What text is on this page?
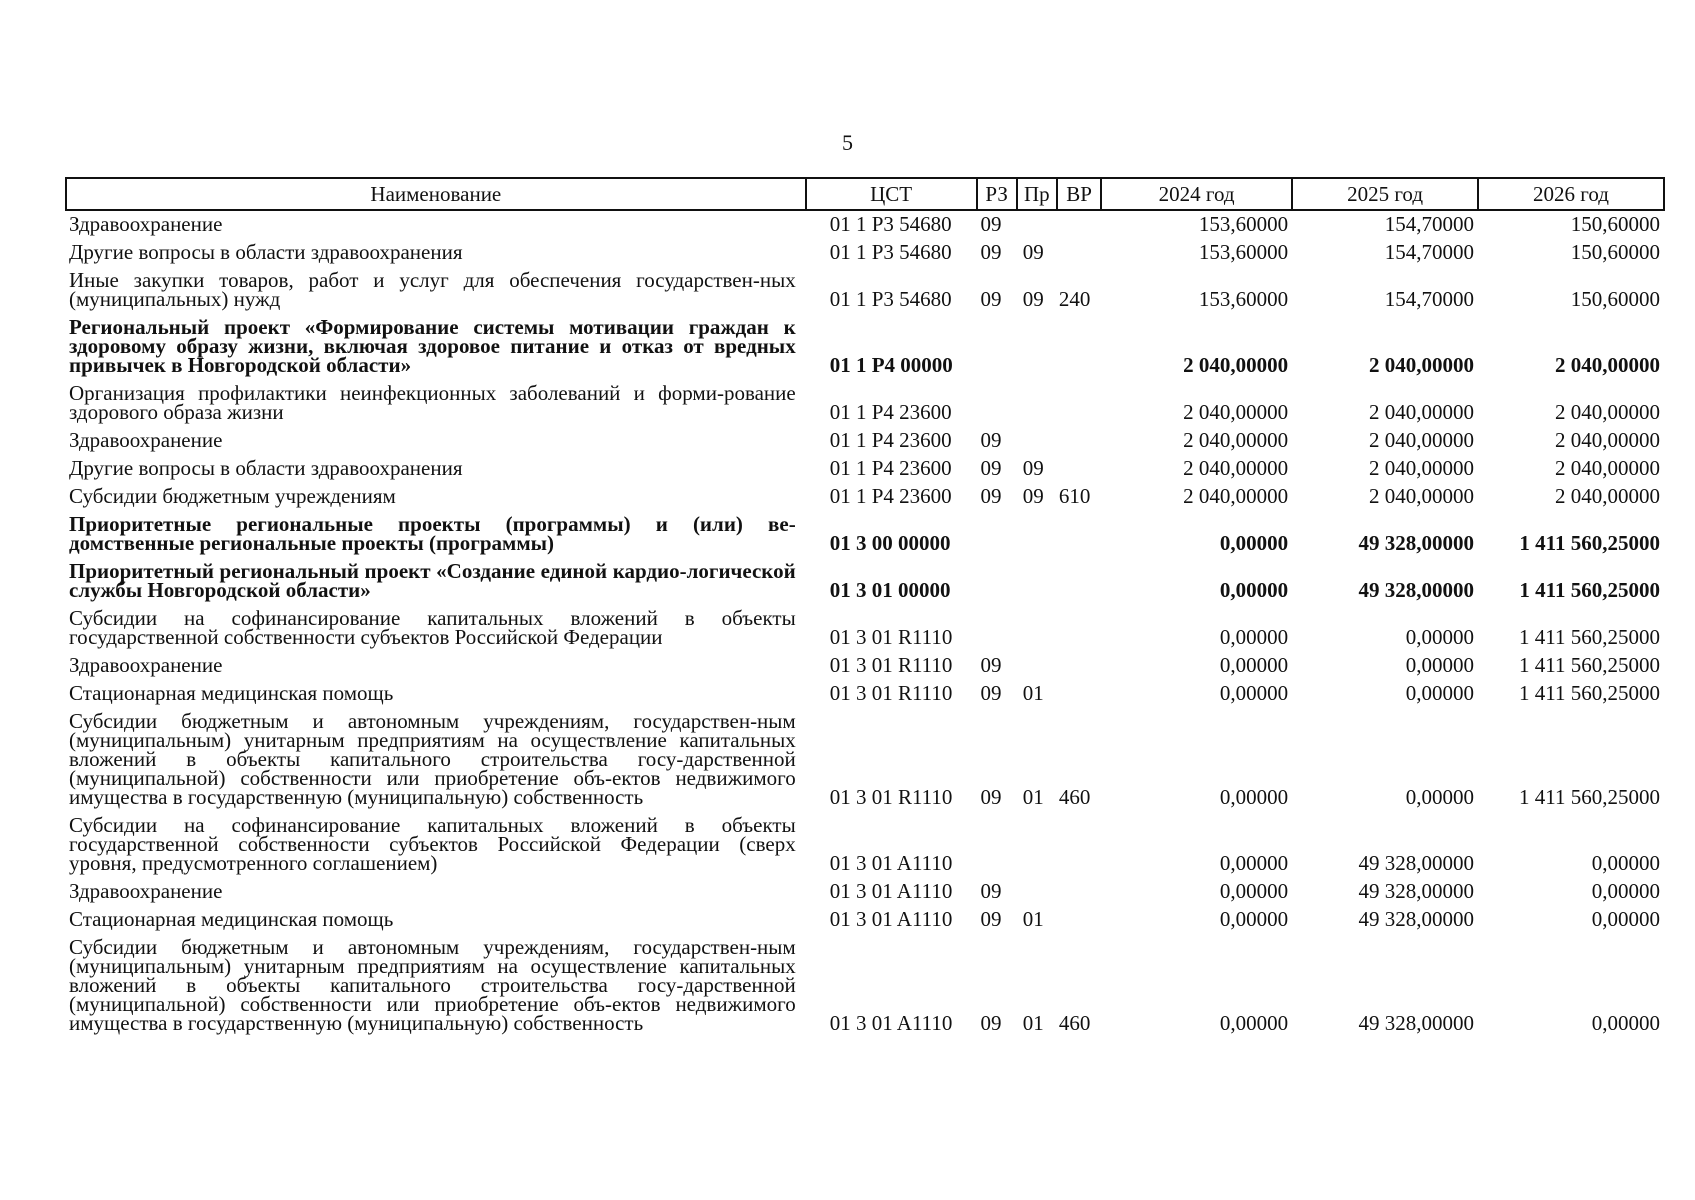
5
Наименование	ЦСТ	РЗ	Пр	ВР	2024 год	2025 год	2026 год
Здравоохранение	01 1 Р3 54680	09			153,60000	154,70000	150,60000
Другие вопросы в области здравоохранения	01 1 Р3 54680	09	09		153,60000	154,70000	150,60000
Иные закупки товаров, работ и услуг для обеспечения государствен-ных (муниципальных) нужд	01 1 Р3 54680	09	09	240	153,60000	154,70000	150,60000
Региональный проект «Формирование системы мотивации граждан к здоровому образу жизни, включая здоровое питание и отказ от вредных привычек в Новгородской области»	01 1 Р4 00000				2 040,00000	2 040,00000	2 040,00000
Организация профилактики неинфекционных заболеваний и форми-рование здорового образа жизни	01 1 Р4 23600				2 040,00000	2 040,00000	2 040,00000
Здравоохранение	01 1 Р4 23600	09			2 040,00000	2 040,00000	2 040,00000
Другие вопросы в области здравоохранения	01 1 Р4 23600	09	09		2 040,00000	2 040,00000	2 040,00000
Субсидии бюджетным учреждениям	01 1 Р4 23600	09	09	610	2 040,00000	2 040,00000	2 040,00000
Приоритетные региональные проекты (программы) и (или) ве-домственные региональные проекты (программы)	01 3 00 00000				0,00000	49 328,00000	1 411 560,25000
Приоритетный региональный проект «Создание единой кардио-логической службы Новгородской области»	01 3 01 00000				0,00000	49 328,00000	1 411 560,25000
Субсидии на софинансирование капитальных вложений в объекты государственной собственности субъектов Российской Федерации	01 3 01 R1110				0,00000	0,00000	1 411 560,25000
Здравоохранение	01 3 01 R1110	09			0,00000	0,00000	1 411 560,25000
Стационарная медицинская помощь	01 3 01 R1110	09	01		0,00000	0,00000	1 411 560,25000
Субсидии бюджетным и автономным учреждениям, государствен-ным (муниципальным) унитарным предприятиям на осуществление капитальных вложений в объекты капитального строительства госу-дарственной (муниципальной) собственности или приобретение объ-ектов недвижимого имущества в государственную (муниципальную) собственность	01 3 01 R1110	09	01	460	0,00000	0,00000	1 411 560,25000
Субсидии на софинансирование капитальных вложений в объекты государственной собственности субъектов Российской Федерации (сверх уровня, предусмотренного соглашением)	01 3 01 A1110				0,00000	49 328,00000	0,00000
Здравоохранение	01 3 01 A1110	09			0,00000	49 328,00000	0,00000
Стационарная медицинская помощь	01 3 01 A1110	09	01		0,00000	49 328,00000	0,00000
Субсидии бюджетным и автономным учреждениям, государствен-ным (муниципальным) унитарным предприятиям на осуществление капитальных вложений в объекты капитального строительства госу-дарственной (муниципальной) собственности или приобретение объ-ектов недвижимого имущества в государственную (муниципальную) собственность	01 3 01 A1110	09	01	460	0,00000	49 328,00000	0,00000
